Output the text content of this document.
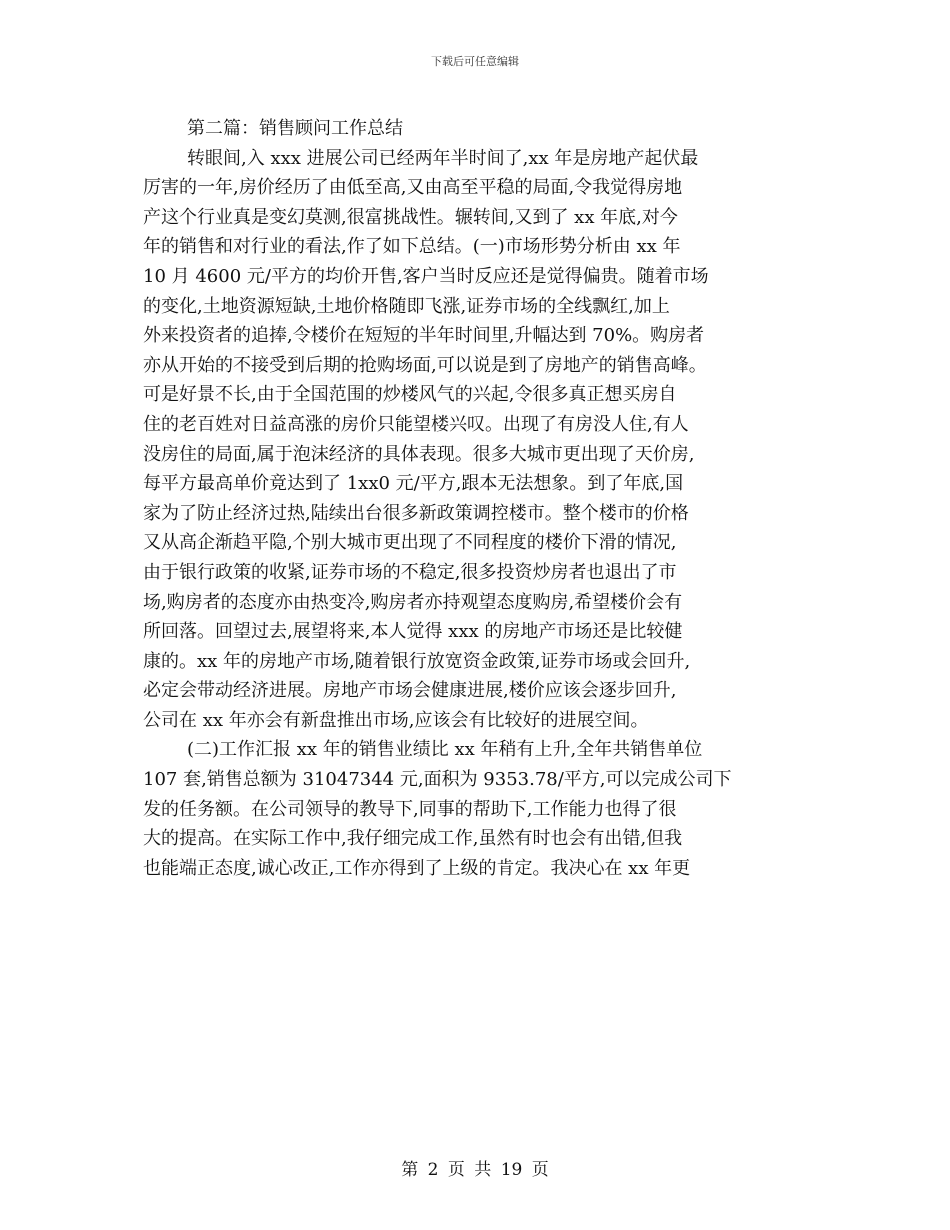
下载后可任意编辑
第二篇：销售顾问工作总结
转眼间,入 xxx 进展公司已经两年半时间了,xx 年是房地产起伏最
厉害的一年,房价经历了由低至高,又由高至平稳的局面,令我觉得房地
产这个行业真是变幻莫测,很富挑战性。辗转间,又到了 xx 年底,对今
年的销售和对行业的看法,作了如下总结。(一)市场形势分析由 xx 年
10 月 4600 元/平方的均价开售,客户当时反应还是觉得偏贵。随着市场
的变化,土地资源短缺,土地价格随即飞涨,证券市场的全线飘红,加上
外来投资者的追捧,令楼价在短短的半年时间里,升幅达到 70%。购房者
亦从开始的不接受到后期的抢购场面,可以说是到了房地产的销售高峰。
可是好景不长,由于全国范围的炒楼风气的兴起,令很多真正想买房自
住的老百姓对日益高涨的房价只能望楼兴叹。出现了有房没人住,有人
没房住的局面,属于泡沫经济的具体表现。很多大城市更出现了天价房,
每平方最高单价竟达到了 1xx0 元/平方,跟本无法想象。到了年底,国
家为了防止经济过热,陆续出台很多新政策调控楼市。整个楼市的价格
又从高企渐趋平隐,个别大城市更出现了不同程度的楼价下滑的情况,
由于银行政策的收紧,证券市场的不稳定,很多投资炒房者也退出了市
场,购房者的态度亦由热变冷,购房者亦持观望态度购房,希望楼价会有
所回落。回望过去,展望将来,本人觉得 xxx 的房地产市场还是比较健
康的。xx 年的房地产市场,随着银行放宽资金政策,证券市场或会回升,
必定会带动经济进展。房地产市场会健康进展,楼价应该会逐步回升,
公司在 xx 年亦会有新盘推出市场,应该会有比较好的进展空间。
(二)工作汇报 xx 年的销售业绩比 xx 年稍有上升,全年共销售单位
107 套,销售总额为 31047344 元,面积为 9353.78/平方,可以完成公司下
发的任务额。在公司领导的教导下,同事的帮助下,工作能力也得了很
大的提高。在实际工作中,我仔细完成工作,虽然有时也会有出错,但我
也能端正态度,诚心改正,工作亦得到了上级的肯定。我决心在 xx 年更
第 2 页 共 19 页
